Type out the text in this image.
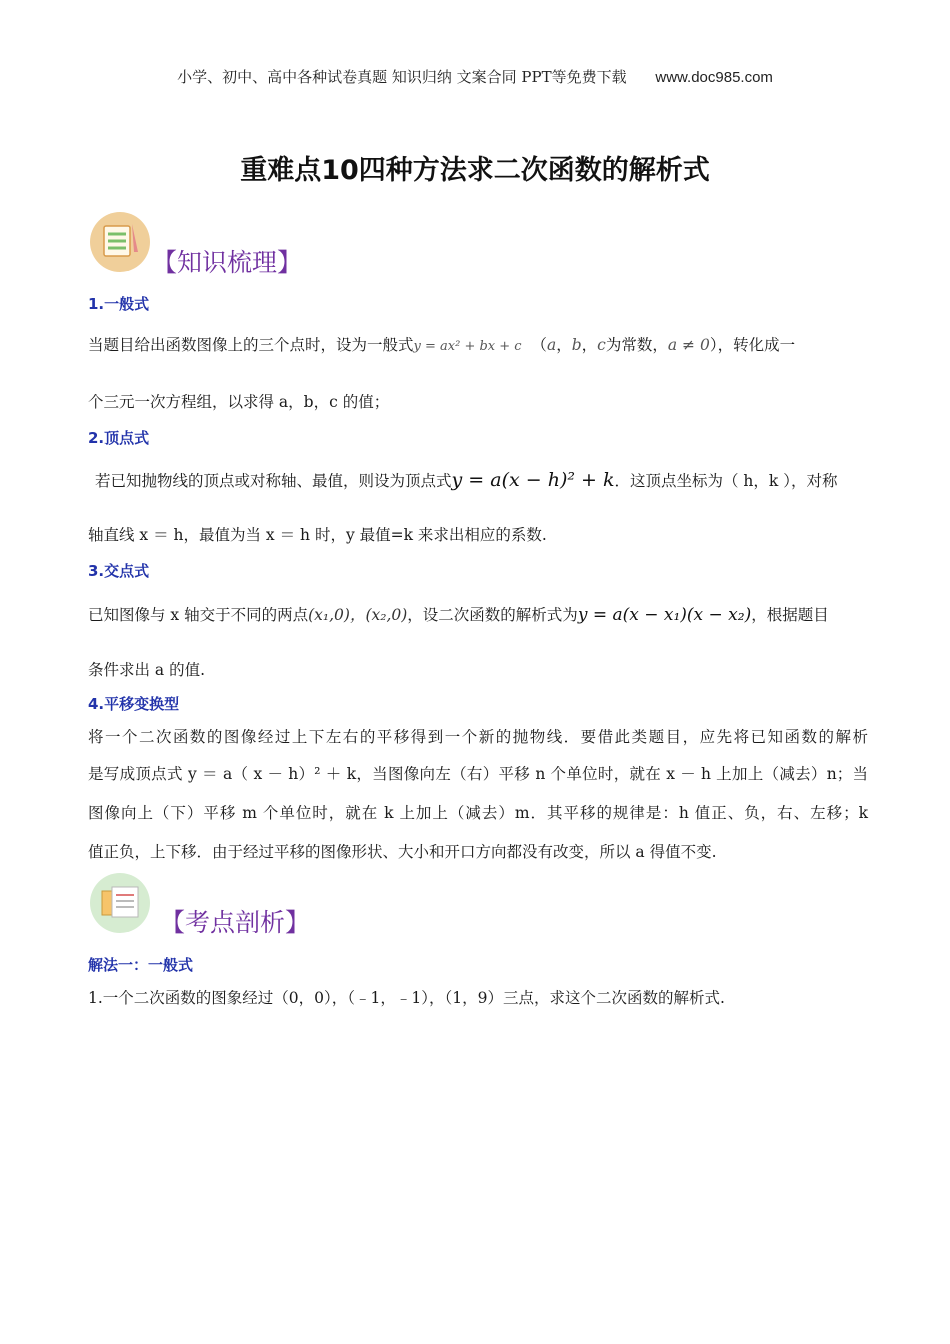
小学、初中、高中各种试卷真题 知识归纳 文案合同 PPT等免费下载 www.doc985.com
重难点10四种方法求二次函数的解析式
【知识梳理】
1.一般式
当题目给出函数图像上的三个点时，设为一般式y = ax² + bx + c （a，b，c为常数，a ≠ 0），转化成一
个三元一次方程组，以求得 a，b，c 的值；
2.顶点式
若已知抛物线的顶点或对称轴、最值，则设为顶点式y = a(x − h)² + k．这顶点坐标为（ h，k ），对称
轴直线 x ＝ h，最值为当 x ＝ h 时，y 最值=k 来求出相应的系数.
3.交点式
已知图像与 x 轴交于不同的两点(x₁,0)，(x₂,0)，设二次函数的解析式为y = a(x − x₁)(x − x₂)，根据题目
条件求出 a 的值.
4.平移变换型
将一个二次函数的图像经过上下左右的平移得到一个新的抛物线．要借此类题目，应先将已知函数的解析
是写成顶点式 y ＝ a（ x － h）² ＋ k，当图像向左（右）平移 n 个单位时，就在 x － h 上加上（减去）n；当
图像向上（下）平移 m 个单位时，就在 k 上加上（减去）m．其平移的规律是：h 值正、负，右、左移；k
值正负，上下移．由于经过平移的图像形状、大小和开口方向都没有改变，所以 a 得值不变.
【考点剖析】
解法一：一般式
1.一个二次函数的图象经过（0，0），（﹣1，﹣1），（1，9）三点，求这个二次函数的解析式.
